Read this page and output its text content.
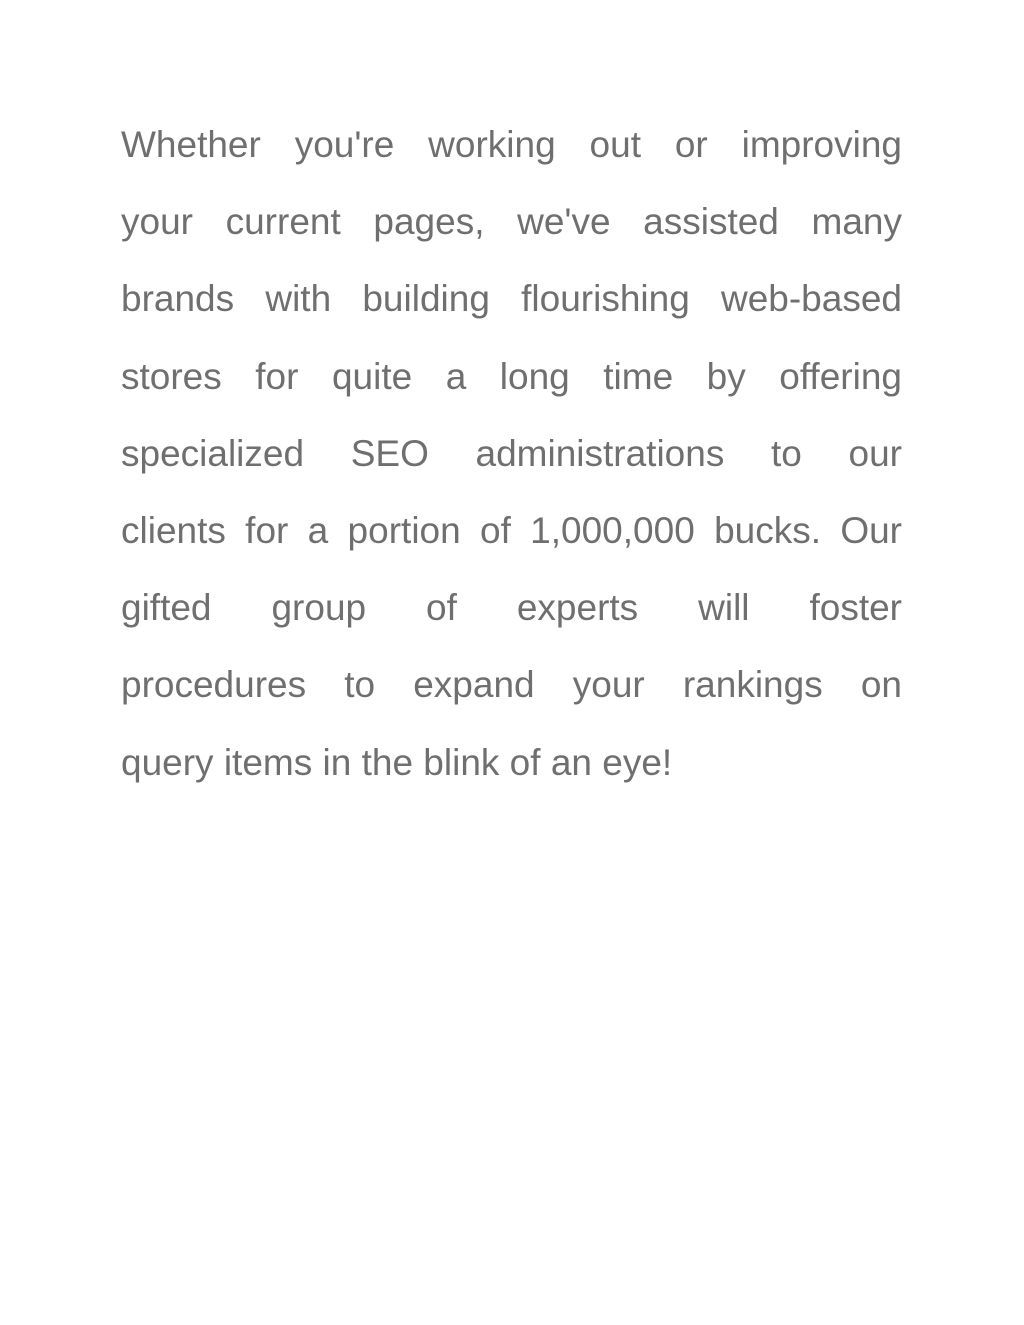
Whether you're working out or improving
your current pages, we've assisted many
brands with building flourishing web-based
stores for quite a long time by offering
specialized SEO administrations to our
clients for a portion of 1,000,000 bucks. Our
gifted group of experts will foster
procedures to expand your rankings on
query items in the blink of an eye!
